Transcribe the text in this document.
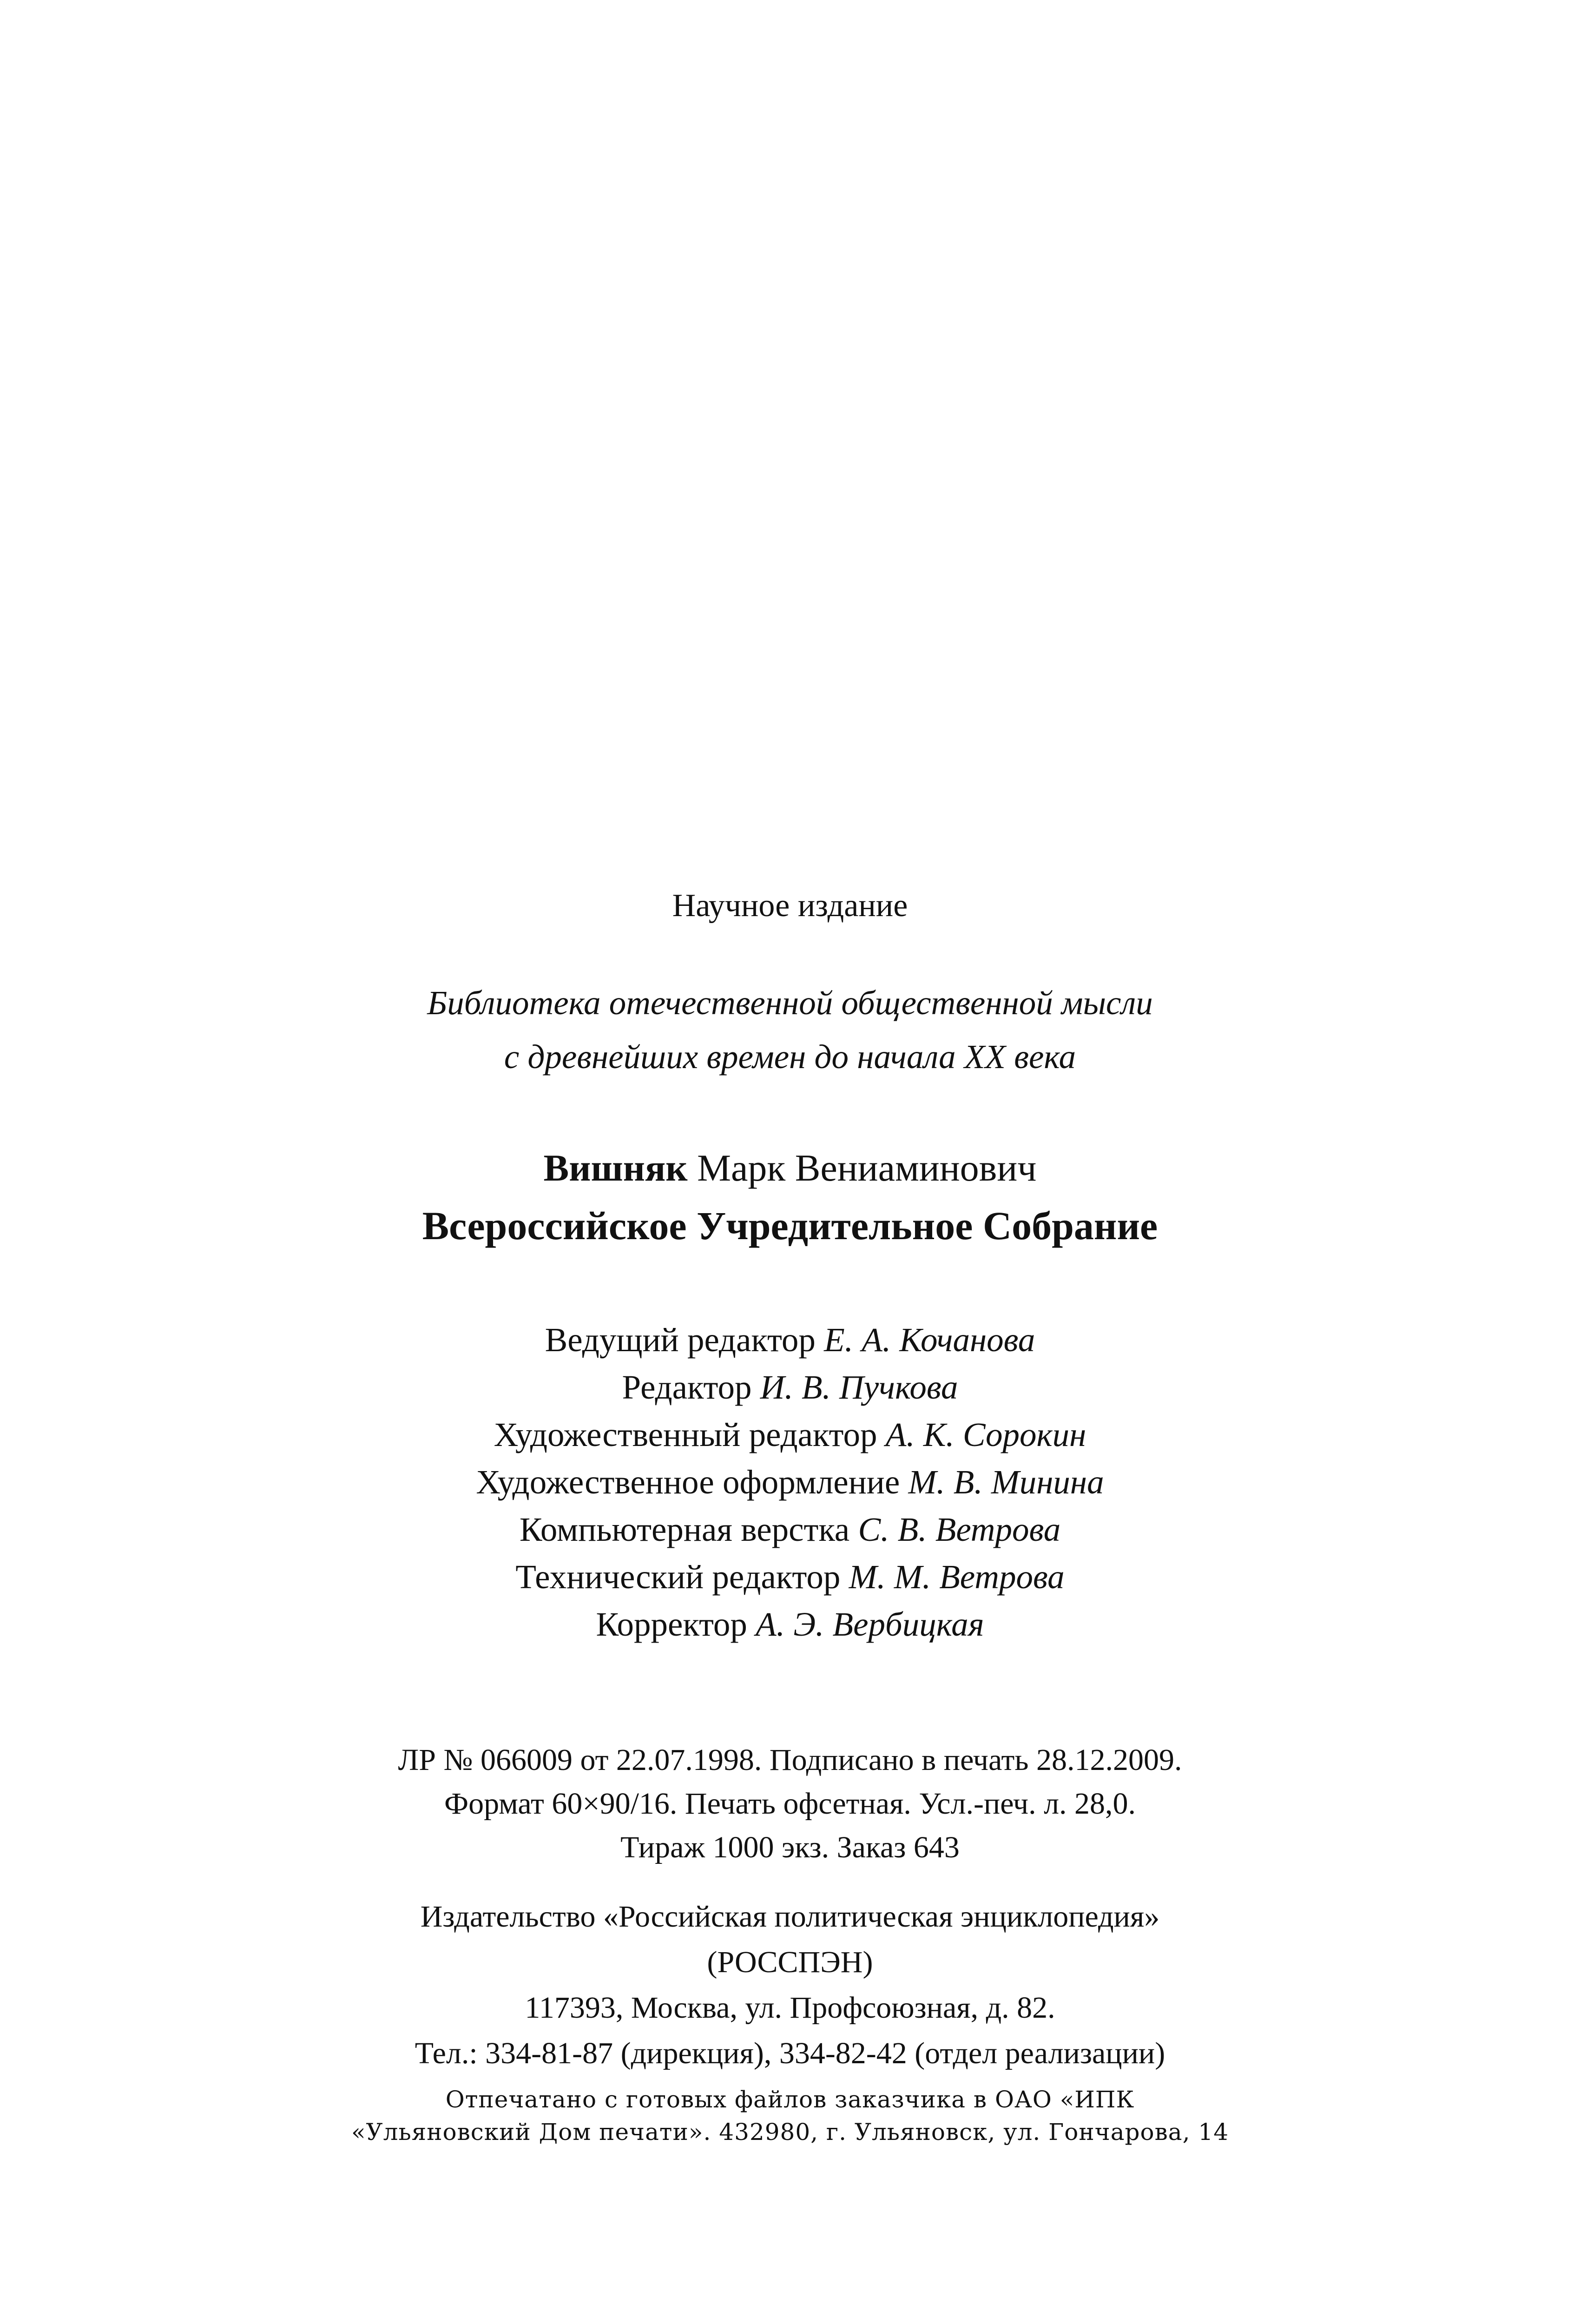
Научное издание
Библиотека отечественной общественной мысли
с древнейших времен до начала XX века
Вишняк Марк Вениаминович
Всероссийское Учредительное Собрание
Ведущий редактор Е. А. Кочанова
Редактор И. В. Пучкова
Художественный редактор А. К. Сорокин
Художественное оформление М. В. Минина
Компьютерная верстка С. В. Ветрова
Технический редактор М. М. Ветрова
Корректор А. Э. Вербицкая
ЛР № 066009 от 22.07.1998. Подписано в печать 28.12.2009.
Формат 60×90/16. Печать офсетная. Усл.-печ. л. 28,0.
Тираж 1000 экз. Заказ 643
Издательство «Российская политическая энциклопедия»
(РОССПЭН)
117393, Москва, ул. Профсоюзная, д. 82.
Тел.: 334-81-87 (дирекция), 334-82-42 (отдел реализации)
Отпечатано с готовых файлов заказчика в ОАО «ИПК
«Ульяновский Дом печати». 432980, г. Ульяновск, ул. Гончарова, 14
